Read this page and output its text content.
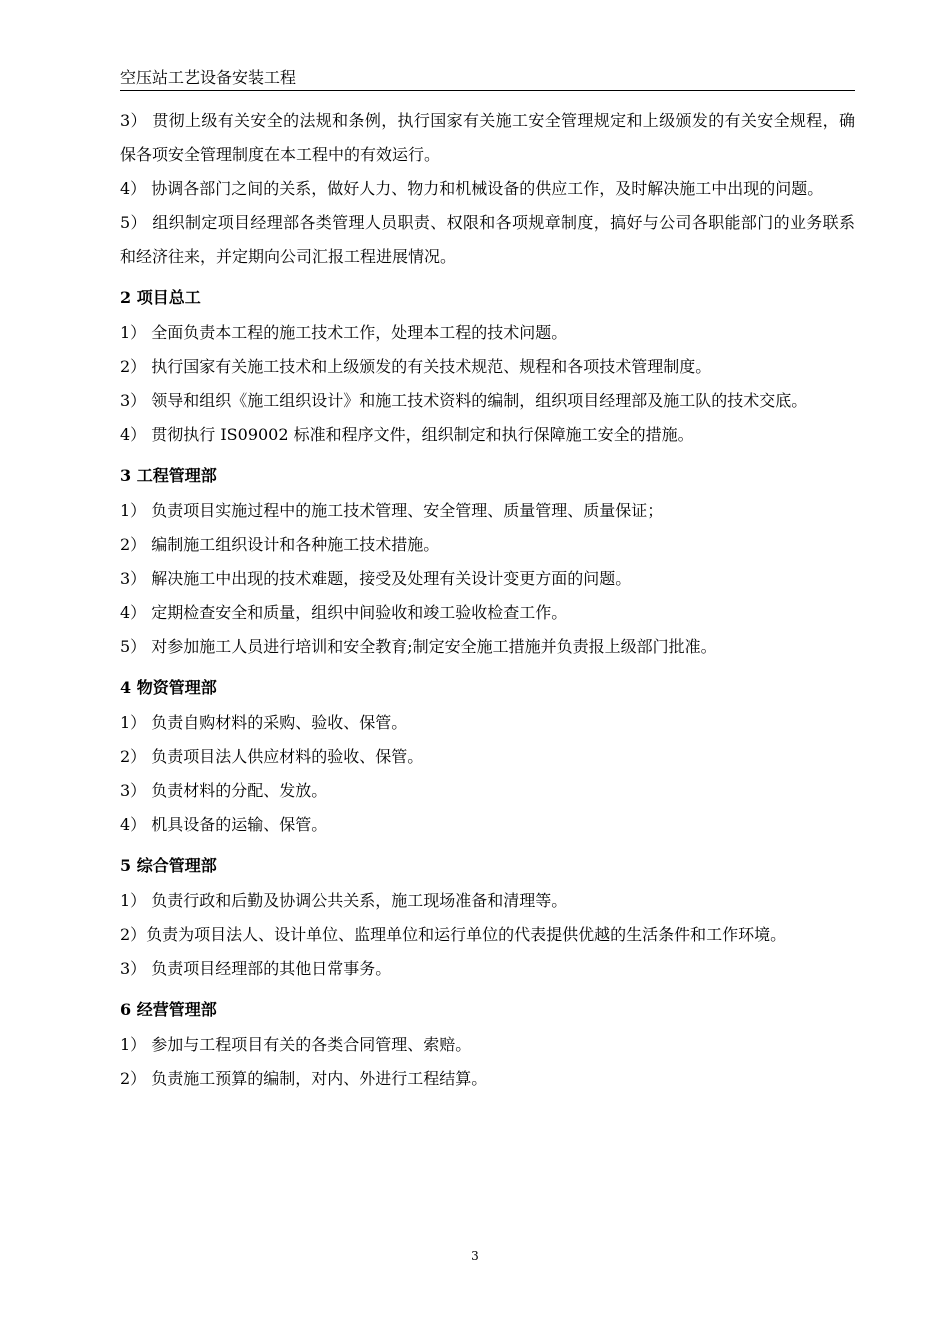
空压站工艺设备安装工程

3） 贯彻上级有关安全的法规和条例，执行国家有关施工安全管理规定和上级颁发的有关安全规程，确保各项安全管理制度在本工程中的有效运行。

4） 协调各部门之间的关系，做好人力、物力和机械设备的供应工作，及时解决施工中出现的问题。

5） 组织制定项目经理部各类管理人员职责、权限和各项规章制度，搞好与公司各职能部门的业务联系和经济往来，并定期向公司汇报工程进展情况。

2 项目总工

1） 全面负责本工程的施工技术工作，处理本工程的技术问题。

2） 执行国家有关施工技术和上级颁发的有关技术规范、规程和各项技术管理制度。

3） 领导和组织《施工组织设计》和施工技术资料的编制，组织项目经理部及施工队的技术交底。

4） 贯彻执行 IS09002 标准和程序文件，组织制定和执行保障施工安全的措施。

3 工程管理部

1） 负责项目实施过程中的施工技术管理、安全管理、质量管理、质量保证；

2） 编制施工组织设计和各种施工技术措施。

3） 解决施工中出现的技术难题，接受及处理有关设计变更方面的问题。

4） 定期检查安全和质量，组织中间验收和竣工验收检查工作。

5） 对参加施工人员进行培训和安全教育;制定安全施工措施并负责报上级部门批准。

4 物资管理部

1） 负责自购材料的采购、验收、保管。

2） 负责项目法人供应材料的验收、保管。

3） 负责材料的分配、发放。

4） 机具设备的运输、保管。

5 综合管理部

1） 负责行政和后勤及协调公共关系，施工现场准备和清理等。

2）负责为项目法人、设计单位、监理单位和运行单位的代表提供优越的生活条件和工作环境。

3） 负责项目经理部的其他日常事务。

6 经营管理部

1） 参加与工程项目有关的各类合同管理、索赔。

2） 负责施工预算的编制，对内、外进行工程结算。

3
